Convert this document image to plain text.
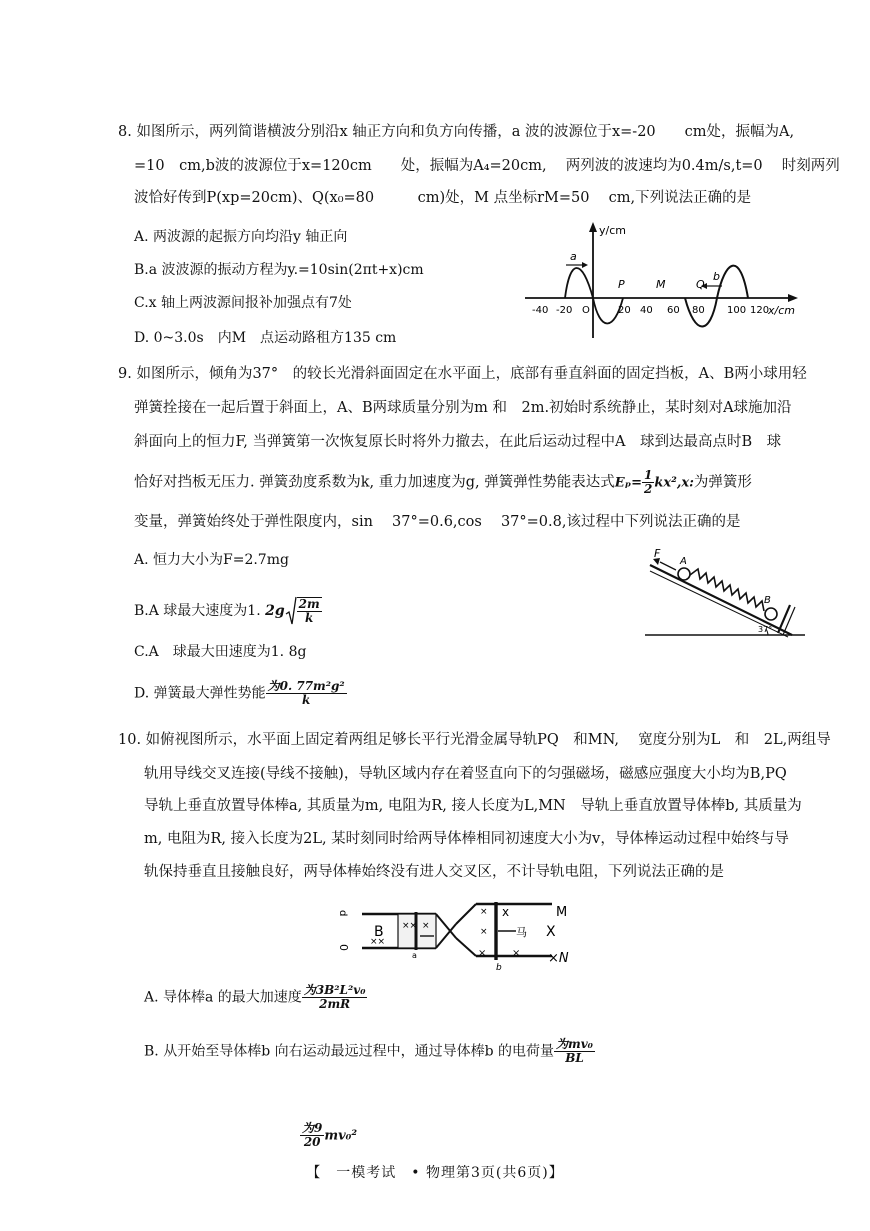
8. 如图所示，两列简谐横波分别沿x 轴正方向和负方向传播，a 波的波源位于x=-20　　cm处，振幅为A,
=10　cm,b波的波源位于x=120cm　　处，振幅为A₄=20cm,　 两列波的波速均为0.4m/s,t=0　 时刻两列
波恰好传到P(xp=20cm)、Q(x₀=80　　　cm)处，M 点坐标rM=50　 cm,下列说法正确的是
A. 两波源的起振方向均沿y 轴正向
B.a 波波源的振动方程为y.=10sin(2πt+x)cm
C.x 轴上两波源间报补加强点有7处
D. 0~3.0s　内M　点运动路租方135 cm
y/cm
x/cm
a
b
P	M	Q
O
-40 -20	20 40 60 80 100 120
9. 如图所示，倾角为37°　的较长光滑斜面固定在水平面上，底部有垂直斜面的固定挡板，A、B两小球用轻
弹簧拴接在一起后置于斜面上，A、B两球质量分别为m 和　2m.初始时系统静止，某时刻对A球施加沿
斜面向上的恒力F, 当弹簧第一次恢复原长时将外力撤去，在此后运动过程中A　球到达最高点时B　球
恰好对挡板无压力. 弹簧劲度系数为k, 重力加速度为g, 弹簧弹性势能表达式$E_p= \frac{1}{2} kx^2,x$:为弹簧形
变量，弹簧始终处于弹性限度内，sin　 37°=0.6,cos　 37°=0.8,该过程中下列说法正确的是
A. 恒力大小为F=2.7mg
B.A 球最大速度为1. $2g \frac{2m}{k}$
C.A　球最大田速度为1. 8g
D. 弹簧最大弹性势能 $\frac{\text{为0. 77m²g²}}{k}$
F
A
B
37°
10. 如俯视图所示，水平面上固定着两组足够长平行光滑金属导轨PQ　和MN,　 宽度分别为L　和　2L,两组导
轨用导线交叉连接(导线不接触)，导轨区域内存在着竖直向下的匀强磁场，磁感应强度大小均为B,PQ
导轨上垂直放置导体棒a, 其质量为m, 电阻为R, 接人长度为L,MN　导轨上垂直放置导体棒b, 其质量为
m, 电阻为R, 接入长度为2L, 某时刻同时给两导体棒相同初速度大小为v，导体棒运动过程中始终与导
轨保持垂直且接触良好，两导体棒始终没有进人交叉区，不计导轨电阻，下列说法正确的是
B
d
0
M
×N
X
x
马
b
a
××
×× ×
×
×
×	×
A. 导体棒a 的最大加速度 $\frac{\text{为3B²L²v₀}}{2mR}$
B. 从开始至导体棒b 向右运动最远过程中，通过导体棒b 的电荷量 $\frac{\text{为mv₀}}{BL}$
$\frac{\text{为9}}{20} mv_0^2$
【　一模考试　• 物理第3页(共6页)】
